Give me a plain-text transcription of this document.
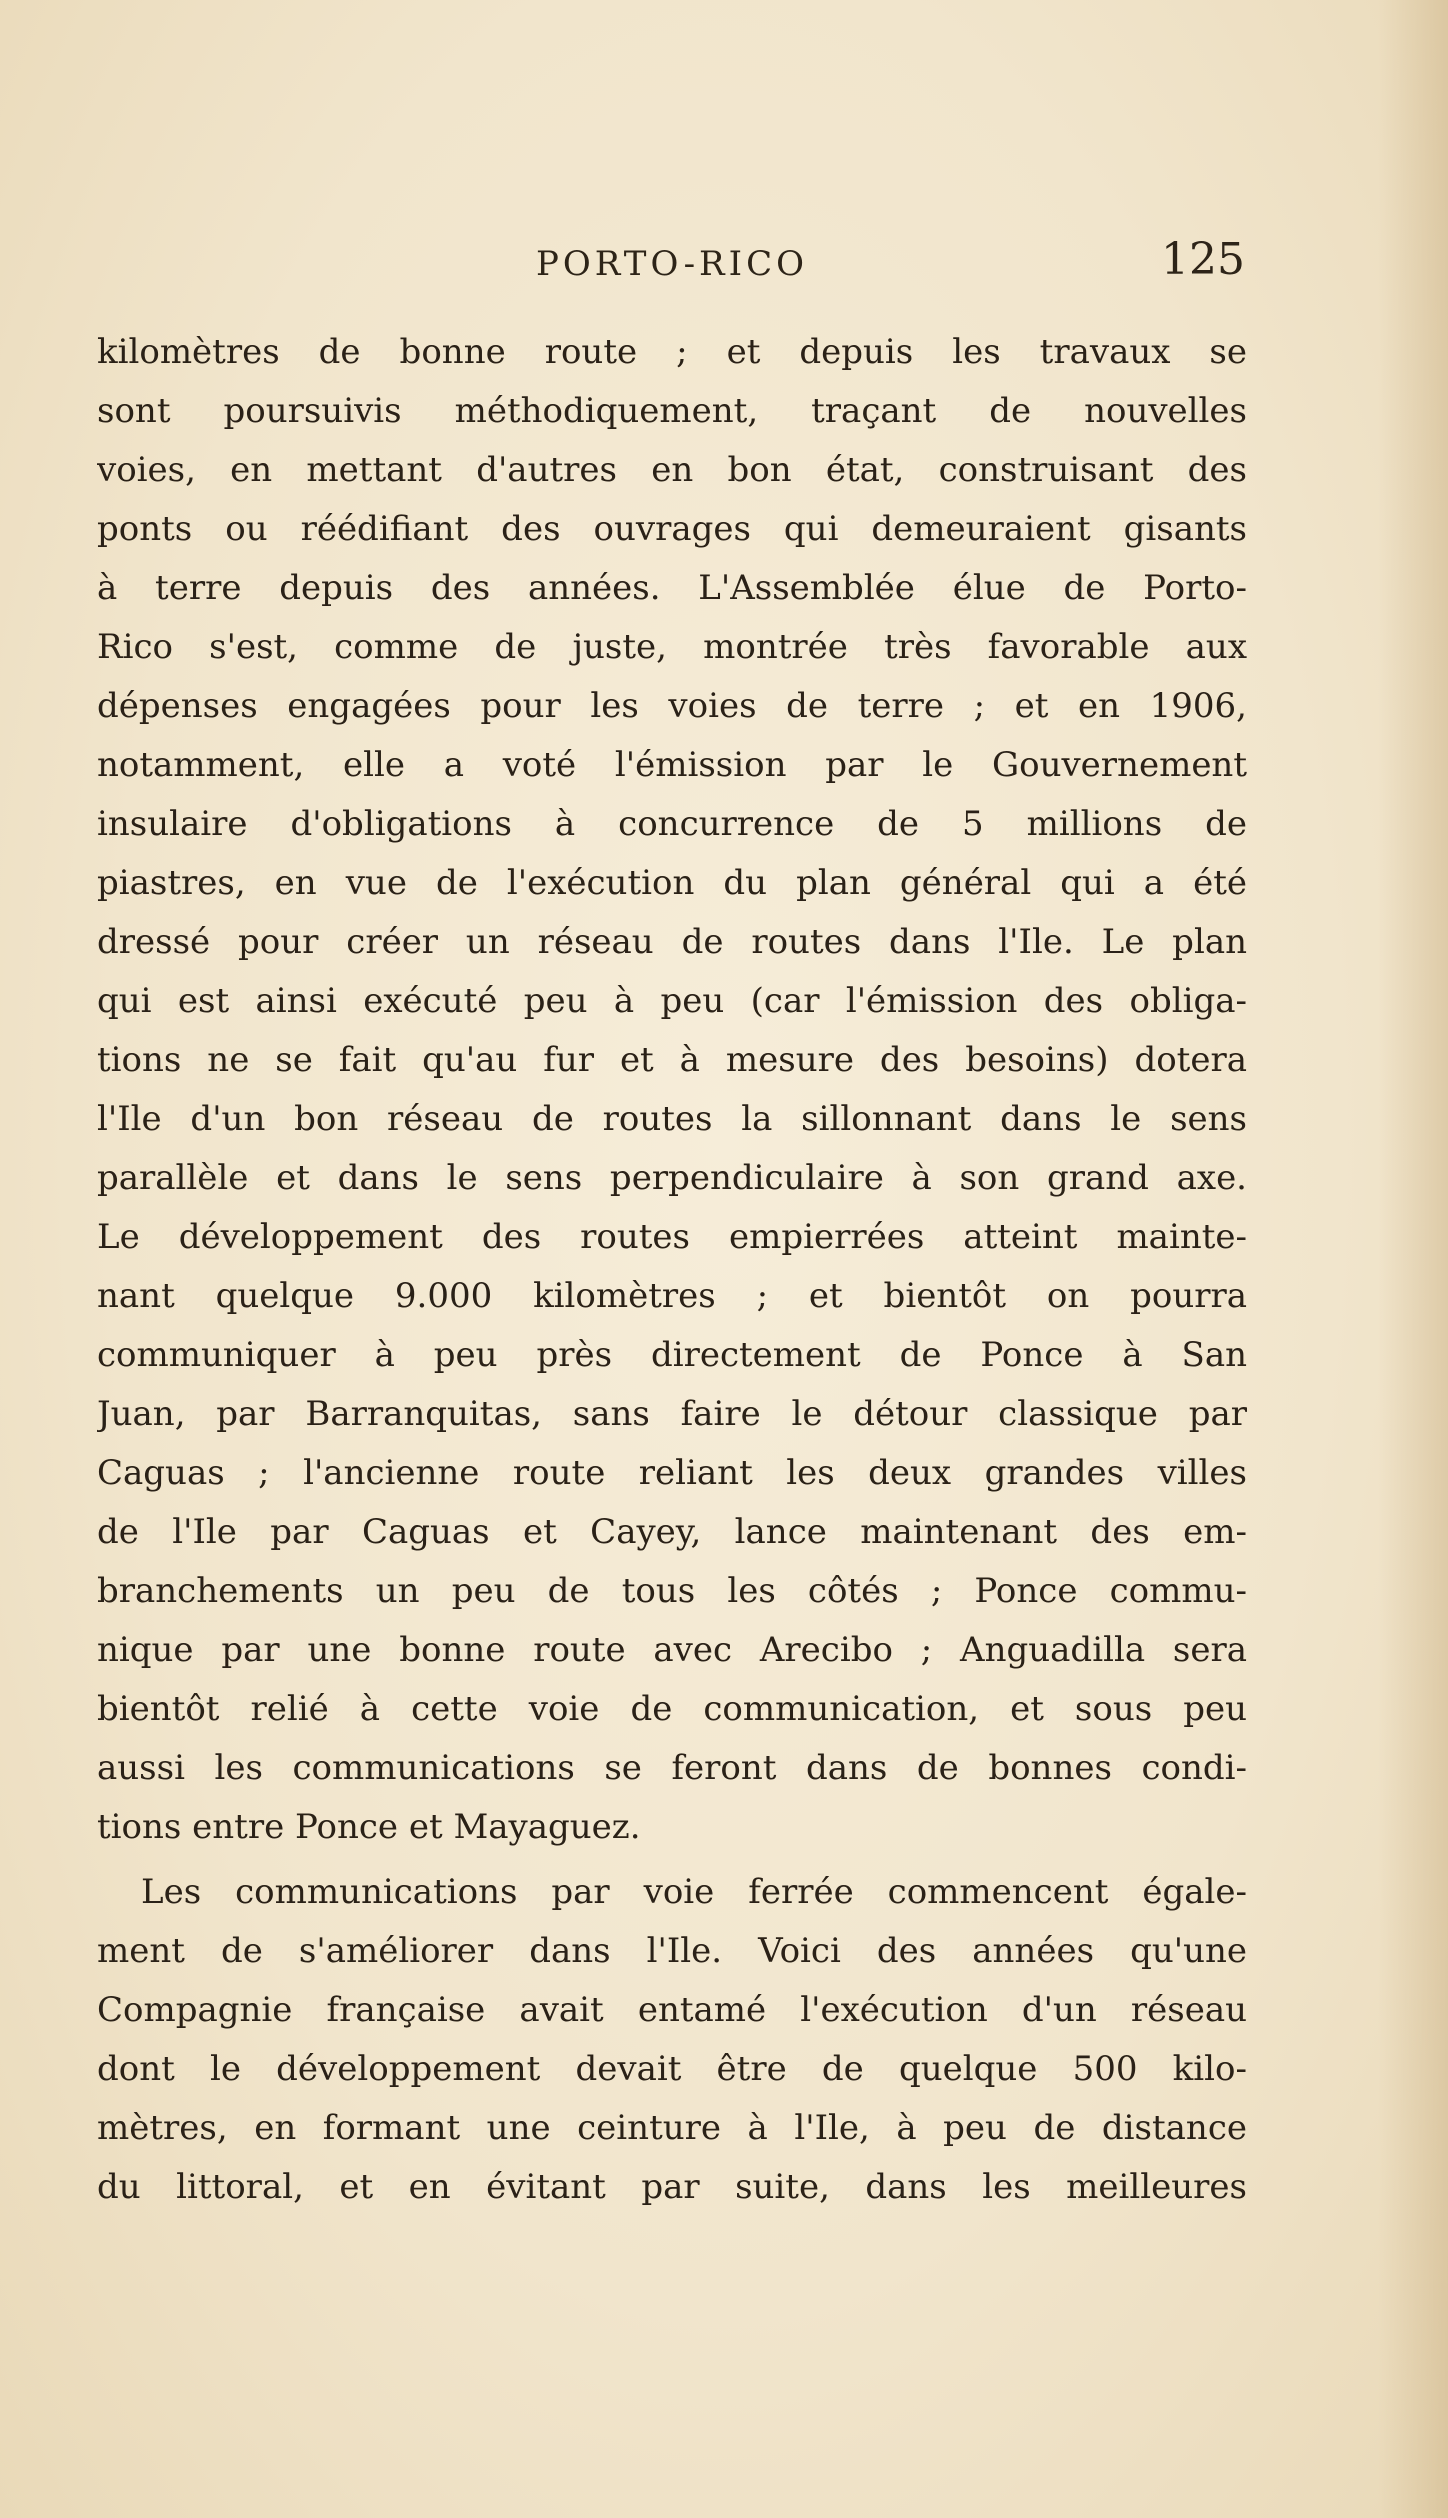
PORTO-RICO	125
kilomètres de bonne route ; et depuis les travaux se
sont poursuivis méthodiquement, traçant de nouvelles
voies, en mettant d'autres en bon état, construisant des
ponts ou réédifiant des ouvrages qui demeuraient gisants
à terre depuis des années. L'Assemblée élue de Porto-
Rico s'est, comme de juste, montrée très favorable aux
dépenses engagées pour les voies de terre ; et en 1906,
notamment, elle a voté l'émission par le Gouvernement
insulaire d'obligations à concurrence de 5 millions de
piastres, en vue de l'exécution du plan général qui a été
dressé pour créer un réseau de routes dans l'Ile. Le plan
qui est ainsi exécuté peu à peu (car l'émission des obliga-
tions ne se fait qu'au fur et à mesure des besoins) dotera
l'Ile d'un bon réseau de routes la sillonnant dans le sens
parallèle et dans le sens perpendiculaire à son grand axe.
Le développement des routes empierrées atteint mainte-
nant quelque 9.000 kilomètres ; et bientôt on pourra
communiquer à peu près directement de Ponce à San
Juan, par Barranquitas, sans faire le détour classique par
Caguas ; l'ancienne route reliant les deux grandes villes
de l'Ile par Caguas et Cayey, lance maintenant des em-
branchements un peu de tous les côtés ; Ponce commu-
nique par une bonne route avec Arecibo ; Anguadilla sera
bientôt relié à cette voie de communication, et sous peu
aussi les communications se feront dans de bonnes condi-
tions entre Ponce et Mayaguez.
Les communications par voie ferrée commencent égale-
ment de s'améliorer dans l'Ile. Voici des années qu'une
Compagnie française avait entamé l'exécution d'un réseau
dont le développement devait être de quelque 500 kilo-
mètres, en formant une ceinture à l'Ile, à peu de distance
du littoral, et en évitant par suite, dans les meilleures
